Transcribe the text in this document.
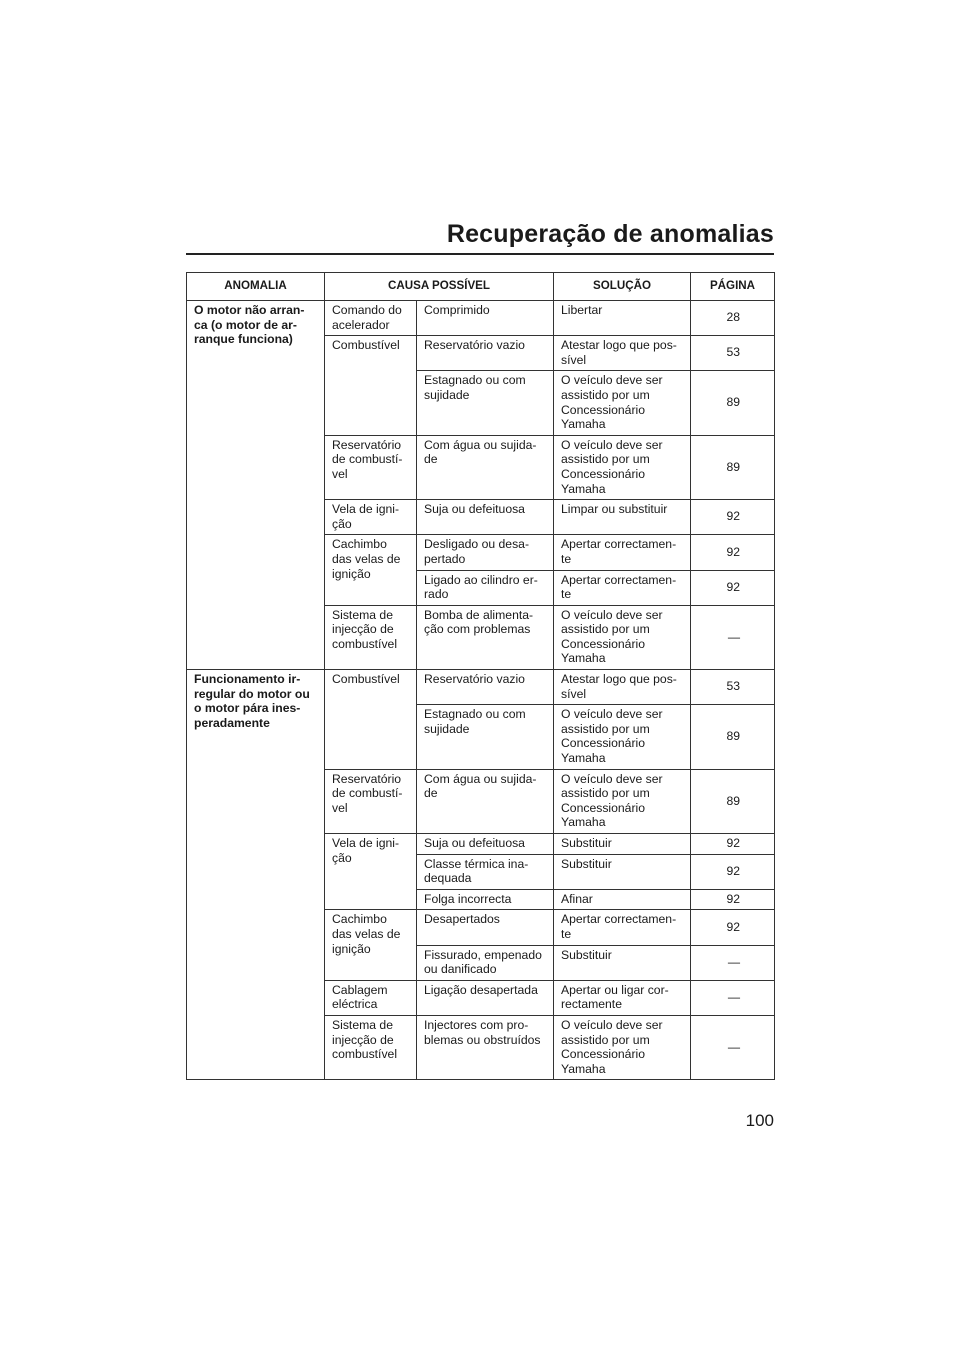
Recuperação de anomalias
ANOMALIA	CAUSA POSSÍVEL		SOLUÇÃO	PÁGINA
O motor não arran-
ca (o motor de ar-
ranque funciona)	Comando do
acelerador	Comprimido	Libertar	28
	Combustível	Reservatório vazio	Atestar logo que pos-
sível	53
		Estagnado ou com
sujidade	O veículo deve ser
assistido por um
Concessionário
Yamaha	89
	Reservatório
de combustí-
vel	Com água ou sujida-
de	O veículo deve ser
assistido por um
Concessionário
Yamaha	89
	Vela de igni-
ção	Suja ou defeituosa	Limpar ou substituir	92
	Cachimbo
das velas de
ignição	Desligado ou desa-
pertado	Apertar correctamen-
te	92
		Ligado ao cilindro er-
rado	Apertar correctamen-
te	92
	Sistema de
injecção de
combustível	Bomba de alimenta-
ção com problemas	O veículo deve ser
assistido por um
Concessionário
Yamaha	—
Funcionamento ir-
regular do motor ou
o motor pára ines-
peradamente	Combustível	Reservatório vazio	Atestar logo que pos-
sível	53
		Estagnado ou com
sujidade	O veículo deve ser
assistido por um
Concessionário
Yamaha	89
	Reservatório
de combustí-
vel	Com água ou sujida-
de	O veículo deve ser
assistido por um
Concessionário
Yamaha	89
	Vela de igni-
ção	Suja ou defeituosa	Substituir	92
		Classe térmica ina-
dequada	Substituir	92
		Folga incorrecta	Afinar	92
	Cachimbo
das velas de
ignição	Desapertados	Apertar correctamen-
te	92
		Fissurado, empenado
ou danificado	Substituir	—
	Cablagem
eléctrica	Ligação desapertada	Apertar ou ligar cor-
rectamente	—
	Sistema de
injecção de
combustível	Injectores com pro-
blemas ou obstruídos	O veículo deve ser
assistido por um
Concessionário
Yamaha	—
100
